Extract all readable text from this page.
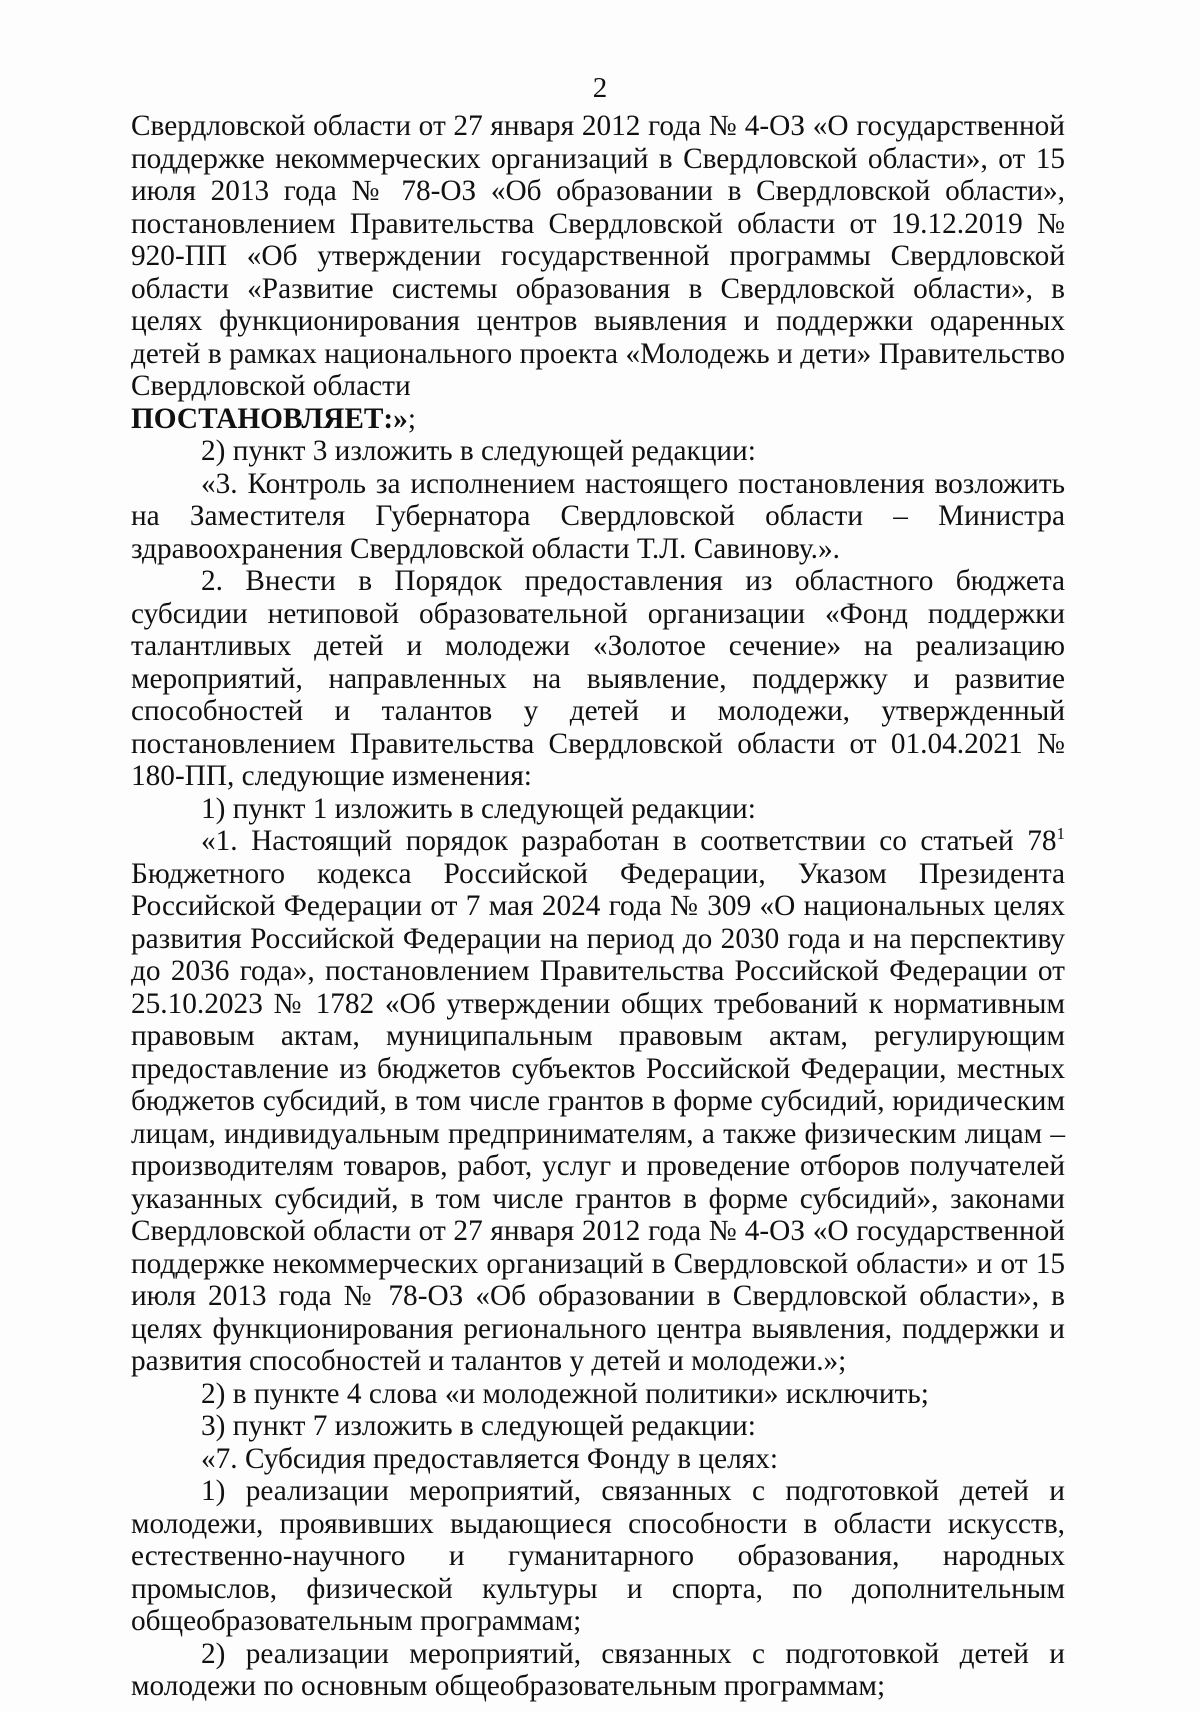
2

Свердловской области от 27 января 2012 года № 4-ОЗ «О государственной поддержке некоммерческих организаций в Свердловской области», от 15 июля 2013 года № 78-ОЗ «Об образовании в Свердловской области», постановлением Правительства Свердловской области от 19.12.2019 № 920-ПП «Об утверждении государственной программы Свердловской области «Развитие системы образования в Свердловской области», в целях функционирования центров выявления и поддержки одаренных детей в рамках национального проекта «Молодежь и дети» Правительство Свердловской области

ПОСТАНОВЛЯЕТ:»;

2) пункт 3 изложить в следующей редакции:

«3. Контроль за исполнением настоящего постановления возложить на Заместителя Губернатора Свердловской области – Министра здравоохранения Свердловской области Т.Л. Савинову.».

2. Внести в Порядок предоставления из областного бюджета субсидии нетиповой образовательной организации «Фонд поддержки талантливых детей и молодежи «Золотое сечение» на реализацию мероприятий, направленных на выявление, поддержку и развитие способностей и талантов у детей и молодежи, утвержденный постановлением Правительства Свердловской области от 01.04.2021 № 180-ПП, следующие изменения:

1) пункт 1 изложить в следующей редакции:

«1. Настоящий порядок разработан в соответствии со статьей $78^1$ Бюджетного кодекса Российской Федерации, Указом Президента Российской Федерации от 7 мая 2024 года № 309 «О национальных целях развития Российской Федерации на период до 2030 года и на перспективу до 2036 года», постановлением Правительства Российской Федерации от 25.10.2023 № 1782 «Об утверждении общих требований к нормативным правовым актам, муниципальным правовым актам, регулирующим предоставление из бюджетов субъектов Российской Федерации, местных бюджетов субсидий, в том числе грантов в форме субсидий, юридическим лицам, индивидуальным предпринимателям, а также физическим лицам – производителям товаров, работ, услуг и проведение отборов получателей указанных субсидий, в том числе грантов в форме субсидий», законами Свердловской области от 27 января 2012 года № 4-ОЗ «О государственной поддержке некоммерческих организаций в Свердловской области» и от 15 июля 2013 года № 78-ОЗ «Об образовании в Свердловской области», в целях функционирования регионального центра выявления, поддержки и развития способностей и талантов у детей и молодежи.»;

2) в пункте 4 слова «и молодежной политики» исключить;

3) пункт 7 изложить в следующей редакции:

«7. Субсидия предоставляется Фонду в целях:

1) реализации мероприятий, связанных с подготовкой детей и молодежи, проявивших выдающиеся способности в области искусств, естественно-научного и гуманитарного образования, народных промыслов, физической культуры и спорта, по дополнительным общеобразовательным программам;

2) реализации мероприятий, связанных с подготовкой детей и молодежи по основным общеобразовательным программам;
